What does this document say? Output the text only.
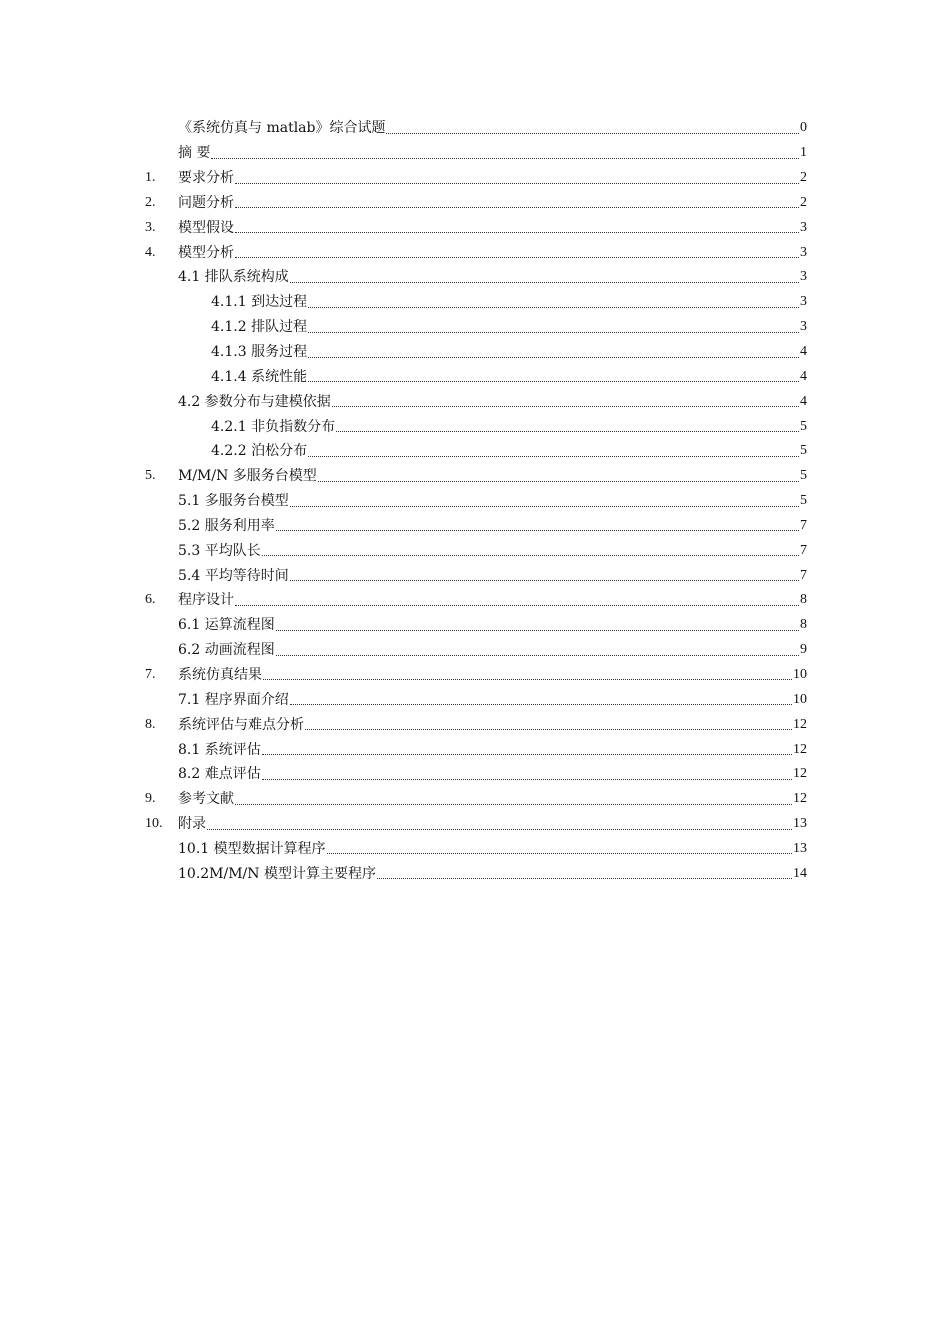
《系统仿真与 matlab》综合试题	0
摘 要	1
1.	要求分析	2
2.	问题分析	2
3.	模型假设	3
4.	模型分析	3
4.1 排队系统构成	3
4.1.1 到达过程	3
4.1.2 排队过程	3
4.1.3 服务过程	4
4.1.4 系统性能	4
4.2 参数分布与建模依据	4
4.2.1 非负指数分布	5
4.2.2 泊松分布	5
5.	M/M/N 多服务台模型	5
5.1 多服务台模型	5
5.2 服务利用率	7
5.3 平均队长	7
5.4 平均等待时间	7
6.	程序设计	8
6.1 运算流程图	8
6.2 动画流程图	9
7.	系统仿真结果	10
7.1 程序界面介绍	10
8.	系统评估与难点分析	12
8.1 系统评估	12
8.2 难点评估	12
9.	参考文献	12
10.	附录	13
10.1 模型数据计算程序	13
10.2M/M/N 模型计算主要程序	14
